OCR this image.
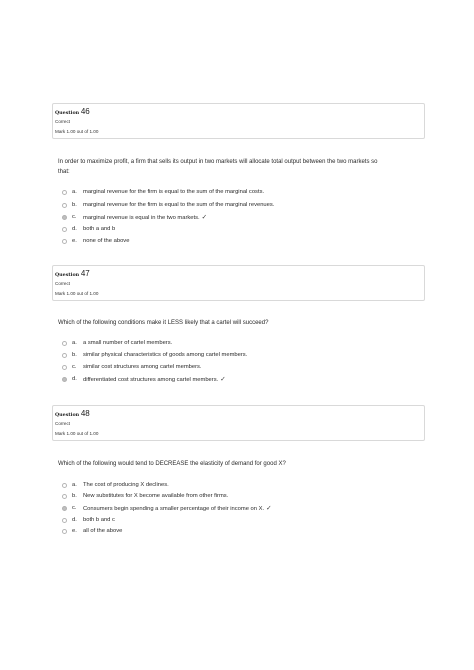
Question 46
Correct
Mark 1.00 out of 1.00
In order to maximize profit, a firm that sells its output in two markets will allocate total output between the two markets so
that:
a. marginal revenue for the firm is equal to the sum of the marginal costs.
b. marginal revenue for the firm is equal to the sum of the marginal revenues.
c. marginal revenue is equal in the two markets. ✓
d. both a and b
e. none of the above
Question 47
Correct
Mark 1.00 out of 1.00
Which of the following conditions make it LESS likely that a cartel will succeed?
a. a small number of cartel members.
b. similar physical characteristics of goods among cartel members.
c. similar cost structures among cartel members.
d. differentiated cost structures among cartel members. ✓
Question 48
Correct
Mark 1.00 out of 1.00
Which of the following would tend to DECREASE the elasticity of demand for good X?
a. The cost of producing X declines.
b. New substitutes for X become available from other firms.
c. Consumers begin spending a smaller percentage of their income on X. ✓
d. both b and c
e. all of the above
